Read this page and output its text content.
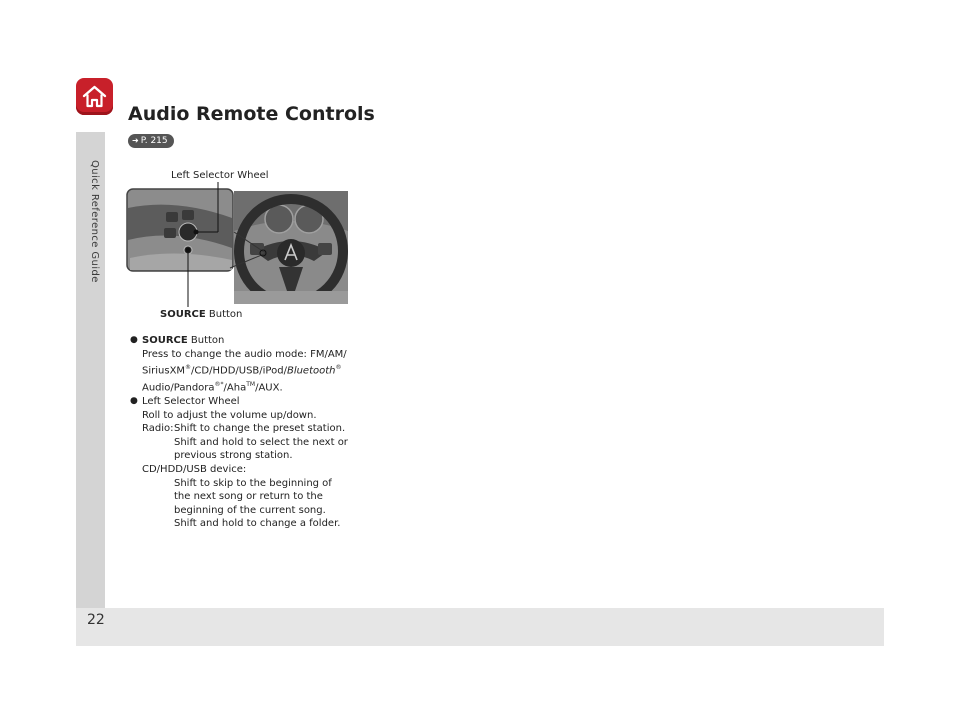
Quick Reference Guide
22
Audio Remote Controls
➜ P. 215
Left Selector Wheel
SOURCE Button
● SOURCE Button
Press to change the audio mode: FM/AM/
SiriusXM®/CD/HDD/USB/iPod/Bluetooth®
Audio/Pandora®*/Aha™/AUX.
● Left Selector Wheel
Roll to adjust the volume up/down.
Radio: Shift to change the preset station.
Shift and hold to select the next or
previous strong station.
CD/HDD/USB device:
Shift to skip to the beginning of
the next song or return to the
beginning of the current song.
Shift and hold to change a folder.
